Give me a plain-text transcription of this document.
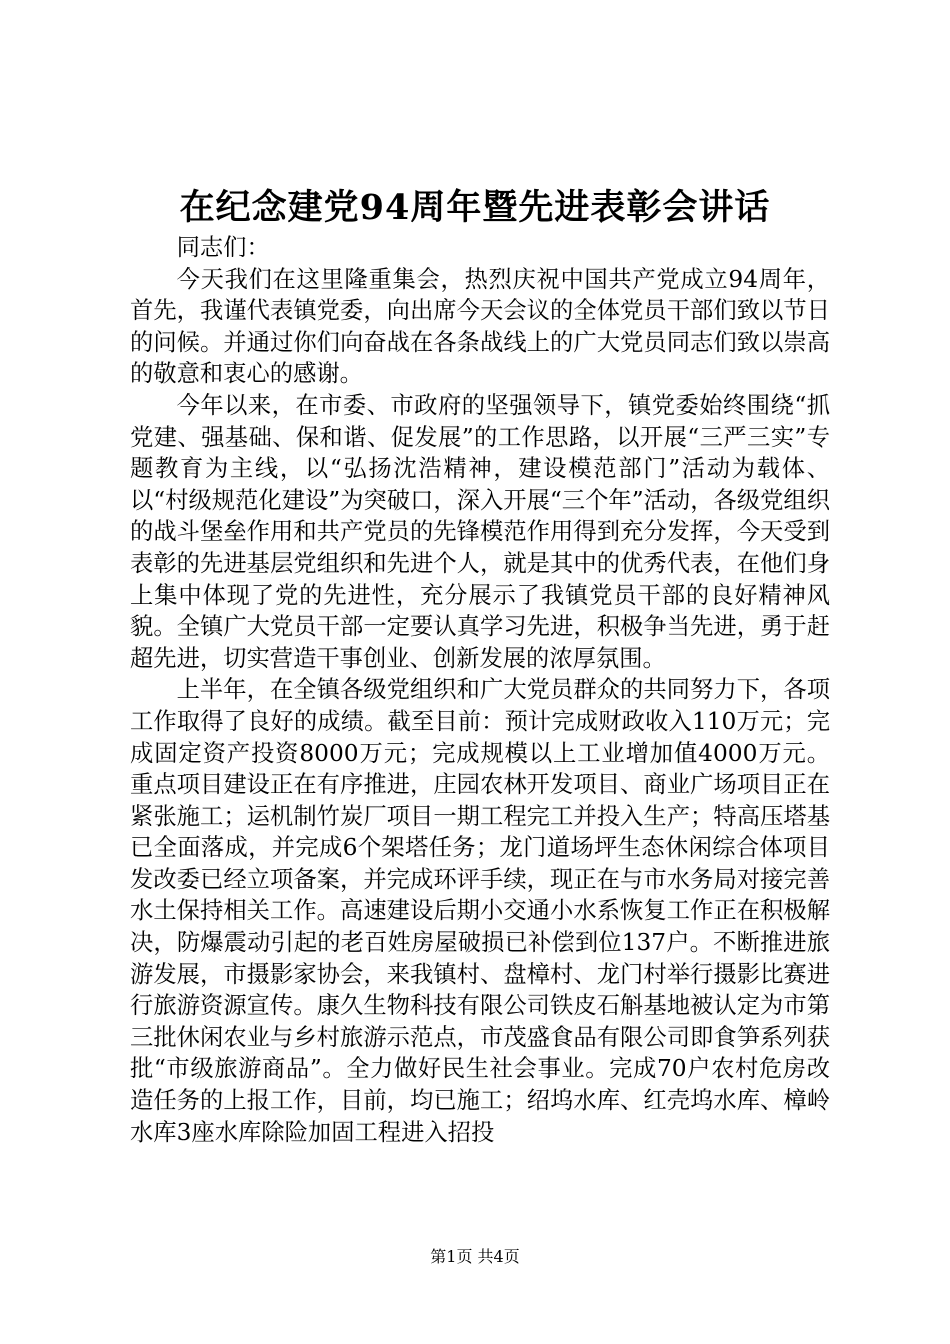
在纪念建党94周年暨先进表彰会讲话

同志们：

今天我们在这里隆重集会，热烈庆祝中国共产党成立94周年，首先，我谨代表镇党委，向出席今天会议的全体党员干部们致以节日的问候。并通过你们向奋战在各条战线上的广大党员同志们致以崇高的敬意和衷心的感谢。

今年以来，在市委、市政府的坚强领导下，镇党委始终围绕“抓党建、强基础、保和谐、促发展”的工作思路，以开展“三严三实”专题教育为主线，以“弘扬沈浩精神，建设模范部门”活动为载体、以“村级规范化建设”为突破口，深入开展“三个年”活动，各级党组织的战斗堡垒作用和共产党员的先锋模范作用得到充分发挥，今天受到表彰的先进基层党组织和先进个人，就是其中的优秀代表，在他们身上集中体现了党的先进性，充分展示了我镇党员干部的良好精神风貌。全镇广大党员干部一定要认真学习先进，积极争当先进，勇于赶超先进，切实营造干事创业、创新发展的浓厚氛围。

上半年，在全镇各级党组织和广大党员群众的共同努力下，各项工作取得了良好的成绩。截至目前：预计完成财政收入110万元；完成固定资产投资8000万元；完成规模以上工业增加值4000万元。重点项目建设正在有序推进，庄园农林开发项目、商业广场项目正在紧张施工；运机制竹炭厂项目一期工程完工并投入生产；特高压塔基已全面落成，并完成6个架塔任务；龙门道场坪生态休闲综合体项目发改委已经立项备案，并完成环评手续，现正在与市水务局对接完善水土保持相关工作。高速建设后期小交通小水系恢复工作正在积极解决，防爆震动引起的老百姓房屋破损已补偿到位137户。不断推进旅游发展，市摄影家协会，来我镇村、盘樟村、龙门村举行摄影比赛进行旅游资源宣传。康久生物科技有限公司铁皮石斛基地被认定为市第三批休闲农业与乡村旅游示范点，市茂盛食品有限公司即食笋系列获批“市级旅游商品”。全力做好民生社会事业。完成70户农村危房改造任务的上报工作，目前，均已施工；绍坞水库、红壳坞水库、樟岭水库3座水库除险加固工程进入招投

第1页 共4页
